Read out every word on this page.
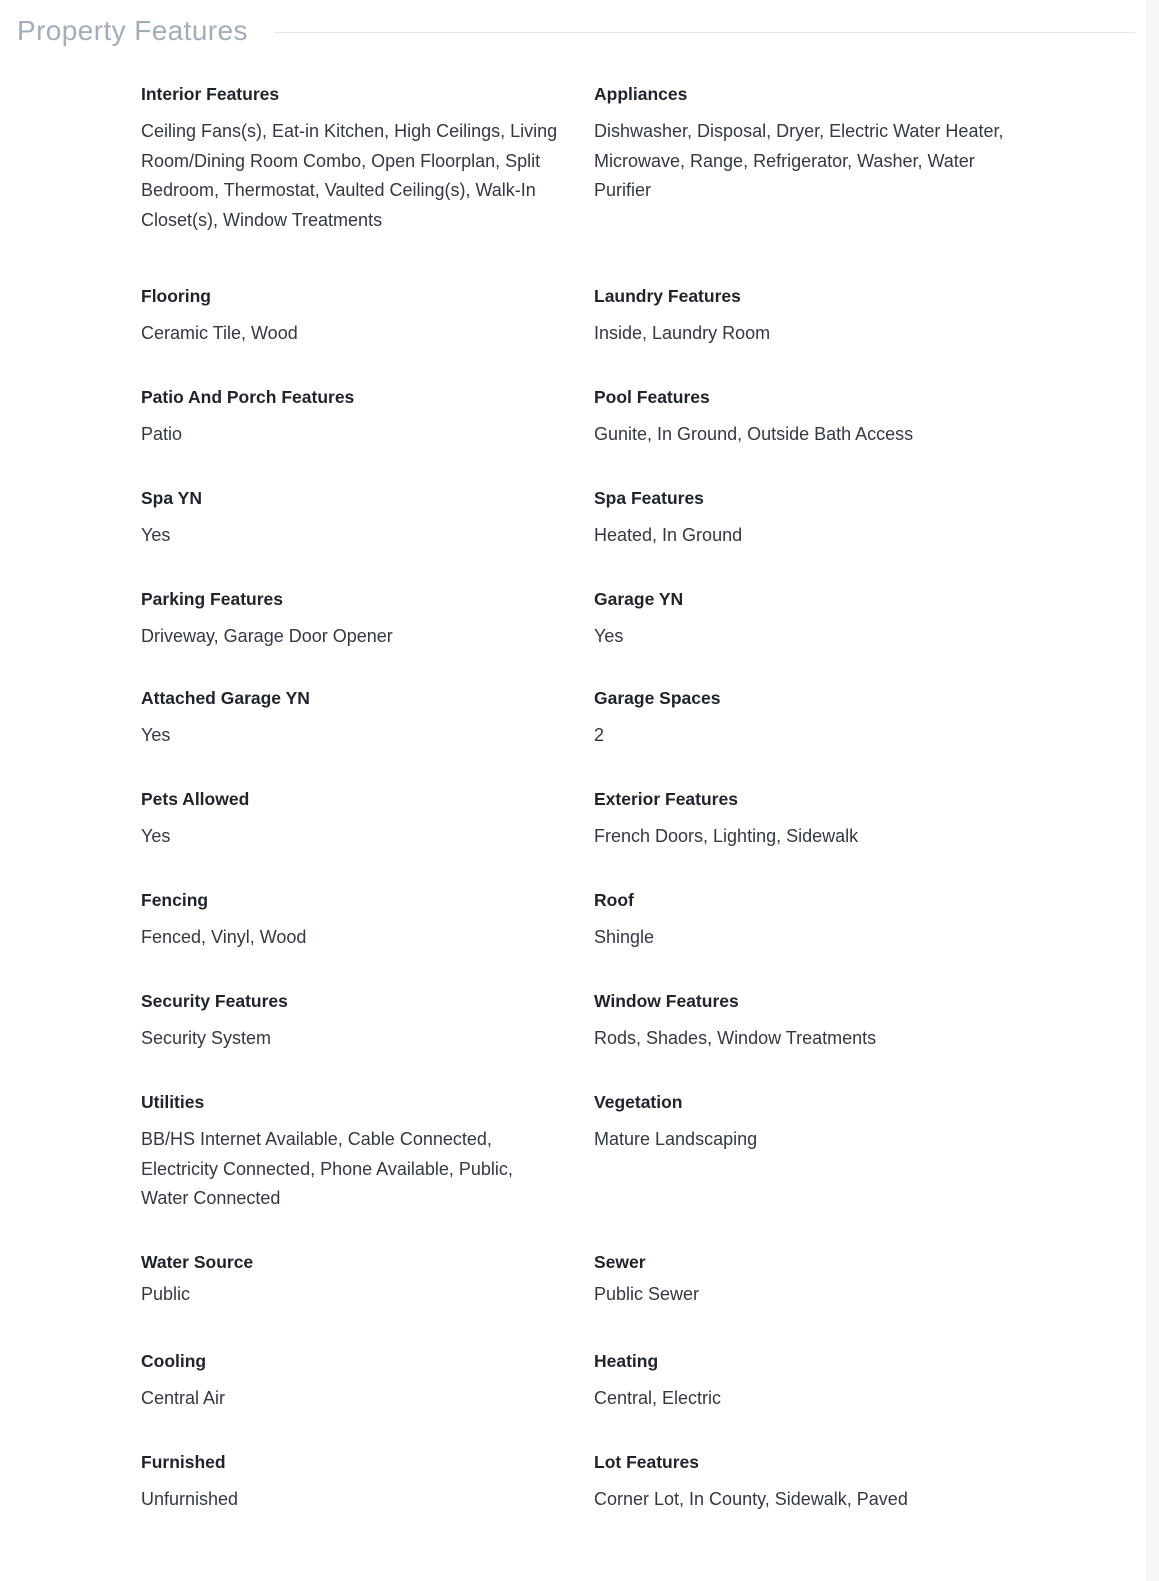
Property Features
Interior Features
Ceiling Fans(s), Eat-in Kitchen, High Ceilings, Living Room/Dining Room Combo, Open Floorplan, Split Bedroom, Thermostat, Vaulted Ceiling(s), Walk-In Closet(s), Window Treatments
Appliances
Dishwasher, Disposal, Dryer, Electric Water Heater, Microwave, Range, Refrigerator, Washer, Water Purifier
Flooring
Ceramic Tile, Wood
Laundry Features
Inside, Laundry Room
Patio And Porch Features
Patio
Pool Features
Gunite, In Ground, Outside Bath Access
Spa YN
Yes
Spa Features
Heated, In Ground
Parking Features
Driveway, Garage Door Opener
Garage YN
Yes
Attached Garage YN
Yes
Garage Spaces
2
Pets Allowed
Yes
Exterior Features
French Doors, Lighting, Sidewalk
Fencing
Fenced, Vinyl, Wood
Roof
Shingle
Security Features
Security System
Window Features
Rods, Shades, Window Treatments
Utilities
BB/HS Internet Available, Cable Connected, Electricity Connected, Phone Available, Public, Water Connected
Vegetation
Mature Landscaping
Water Source
Public
Sewer
Public Sewer
Cooling
Central Air
Heating
Central, Electric
Furnished
Unfurnished
Lot Features
Corner Lot, In County, Sidewalk, Paved
